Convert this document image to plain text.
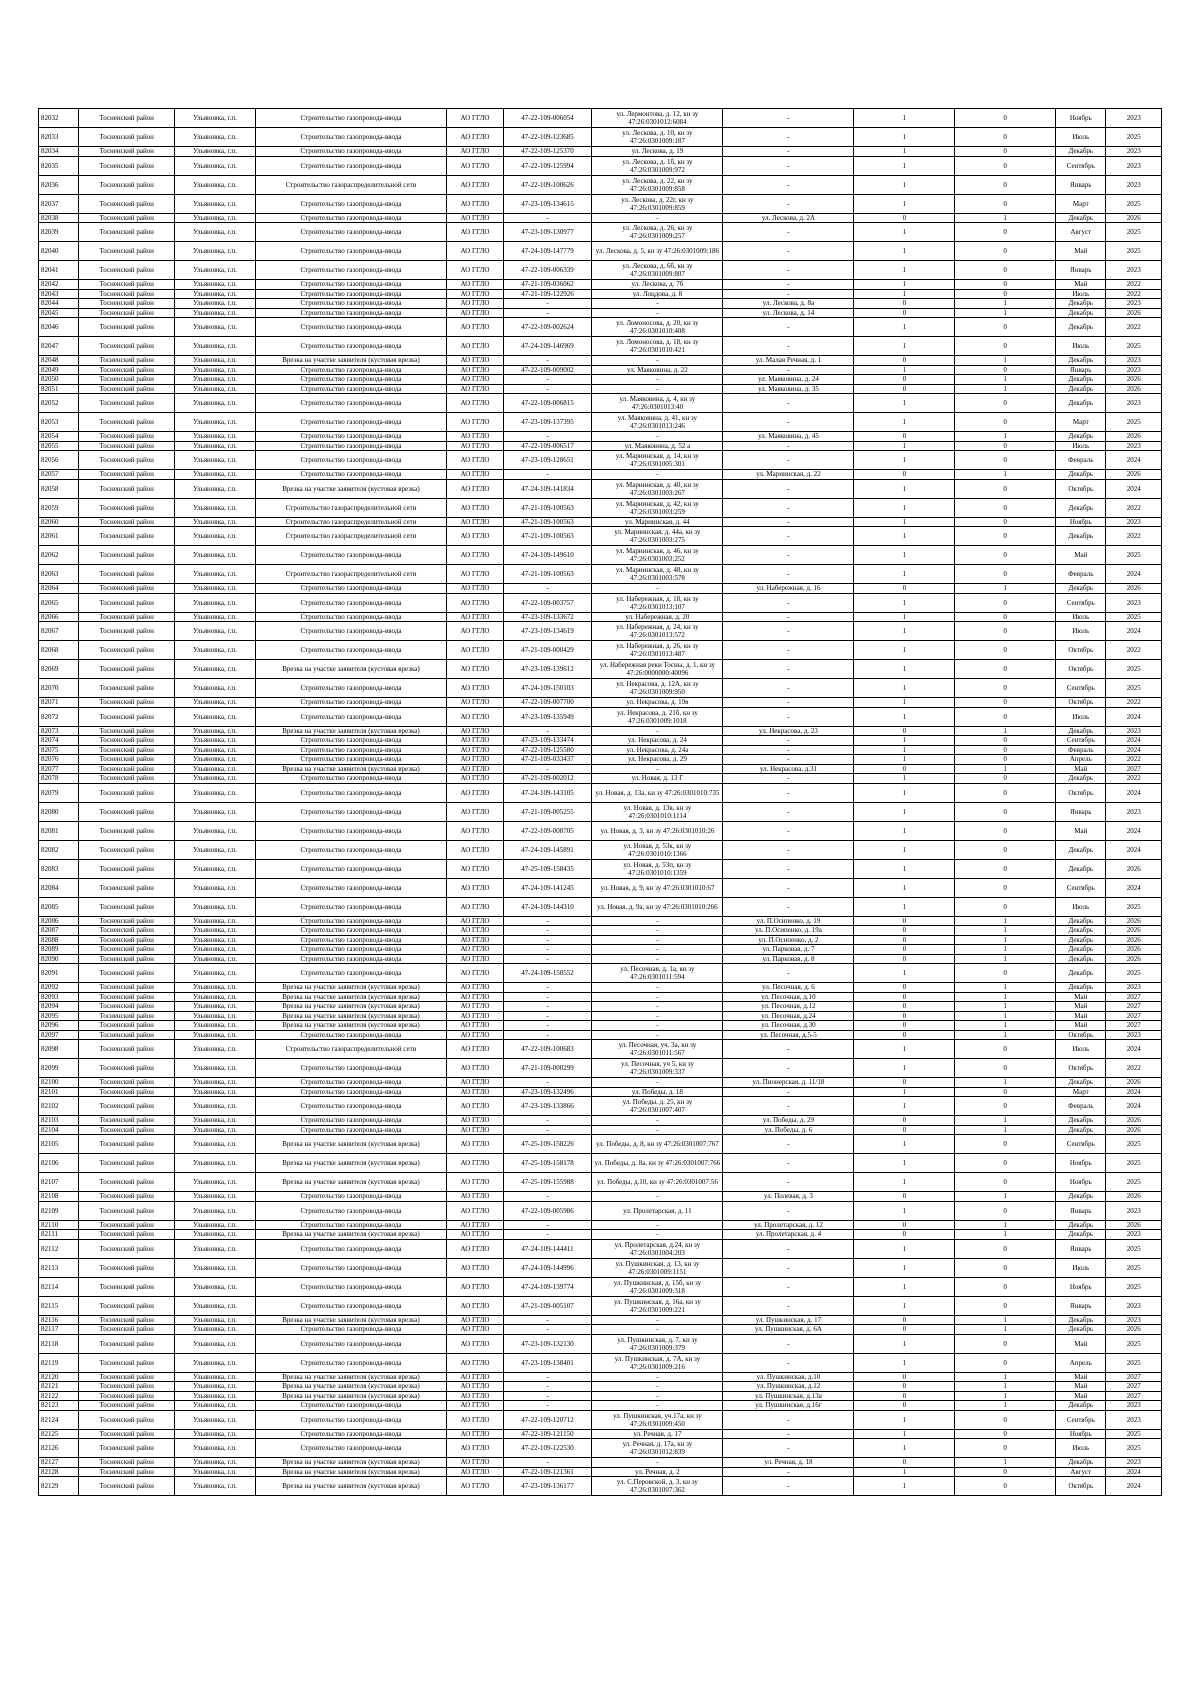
82032	Тосненский район	Ульяновка, г.п.	Строительство газопровода-ввода	АО ГГЛО	47-22-109-006054	ул. Лермонтова, д. 12, кн зу 47:26:0301012:6084	-	1	0	Ноябрь	2023
82033	Тосненский район	Ульяновка, г.п.	Строительство газопровода-ввода	АО ГГЛО	47-22-109-123685	ул. Лескова, д. 10, кн зу 47:26:0301009:187	-	1	0	Июль	2025
82034	Тосненский район	Ульяновка, г.п.	Строительство газопровода-ввода	АО ГГЛО	47-22-109-125370	ул. Лескова, д. 19	-	1	0	Декабрь	2023
82035	Тосненский район	Ульяновка, г.п.	Строительство газопровода-ввода	АО ГГЛО	47-22-109-125994	ул. Лескова, д. 1б, кн зу 47:26:0301009:972	-	1	0	Сентябрь	2023
82036	Тосненский район	Ульяновка, г.п.	Строительство газораспределительной сети	АО ГГЛО	47-22-109-100626	ул. Лескова, д. 22, кн зу 47:26:0301009:858	-	1	0	Январь	2023
82037	Тосненский район	Ульяновка, г.п.	Строительство газопровода-ввода	АО ГГЛО	47-23-109-134615	ул. Лескова, д. 22г, кн зу 47:26:0301009:859	-	1	0	Март	2025
82038	Тосненский район	Ульяновка, г.п.	Строительство газопровода-ввода	АО ГГЛО	-	-	ул. Лескова, д. 2А	0	1	Декабрь	2026
82039	Тосненский район	Ульяновка, г.п.	Строительство газопровода-ввода	АО ГГЛО	47-23-109-130977	ул. Лескова, д. 26, кн зу 47:26:0301009:257	-	1	0	Август	2025
82040	Тосненский район	Ульяновка, г.п.	Строительство газопровода-ввода	АО ГГЛО	47-24-109-147779	ул. Лескова, д. 5, кн зу 47:26:0301009:186	-	1	0	Май	2025
82041	Тосненский район	Ульяновка, г.п.	Строительство газопровода-ввода	АО ГГЛО	47-22-109-006339	ул. Лескова, д. 6б, кн зу 47:26:0301009:807	-	1	0	Январь	2023
82042	Тосненский район	Ульяновка, г.п.	Строительство газопровода-ввода	АО ГГЛО	47-21-109-036062	ул. Лескова, д. 7б	-	1	0	Май	2022
82043	Тосненский район	Ульяновка, г.п.	Строительство газопровода-ввода	АО ГГЛО	47-21-109-122926	ул. Лоцдова, д. 8	-	1	0	Июль	2022
82044	Тосненский район	Ульяновка, г.п.	Строительство газопровода-ввода	АО ГГЛО	-	-	ул. Лескова, д. 8а	0	1	Декабрь	2023
82045	Тосненский район	Ульяновка, г.п.	Строительство газопровода-ввода	АО ГГЛО	-	-	ул. Лескова, д. 14	0	1	Декабрь	2026
82046	Тосненский район	Ульяновка, г.п.	Строительство газопровода-ввода	АО ГГЛО	47-22-109-002624	ул. Ломоносова, д. 20, кн зу 47:26:0301010:408	-	1	0	Декабрь	2022
82047	Тосненский район	Ульяновка, г.п.	Строительство газопровода-ввода	АО ГГЛО	47-24-109-146969	ул. Ломоносова, д. 18, кн зу 47:26:0301010:421	-	1	0	Июль	2025
82048	Тосненский район	Ульяновка, г.п.	Врезка на участке заявителя (кустовая врезка)	АО ГГЛО	-	-	ул. Малая Речная, д. 1	0	1	Декабрь	2023
82049	Тосненский район	Ульяновка, г.п.	Строительство газопровода-ввода	АО ГГЛО	47-22-109-009002	ул. Маяковина, д. 22	-	1	0	Январь	2023
82050	Тосненский район	Ульяновка, г.п.	Строительство газопровода-ввода	АО ГГЛО	-	-	ул. Маяковина, д. 24	0	1	Декабрь	2026
82051	Тосненский район	Ульяновка, г.п.	Строительство газопровода-ввода	АО ГГЛО	-	-	ул. Маяковина, д. 35	0	1	Декабрь	2026
82052	Тосненский район	Ульяновка, г.п.	Строительство газопровода-ввода	АО ГГЛО	47-22-109-006815	ул. Маяковина, д. 4, кн зу 47:26:0301013:40	-	1	0	Декабрь	2023
82053	Тосненский район	Ульяновка, г.п.	Строительство газопровода-ввода	АО ГГЛО	47-23-109-137395	ул. Маяковина, д. 41, кн зу 47:26:0301013:246	-	1	0	Март	2025
82054	Тосненский район	Ульяновка, г.п.	Строительство газопровода-ввода	АО ГГЛО	-	-	ул. Маяковина, д. 45	0	1	Декабрь	2026
82055	Тосненский район	Ульяновка, г.п.	Строительство газопровода-ввода	АО ГГЛО	47-22-109-006517	ул. Маяковина, д. 52 а	-	1	0	Июль	2023
82056	Тосненский район	Ульяновка, г.п.	Строительство газопровода-ввода	АО ГГЛО	47-23-109-128651	ул. Мариинская, д. 14, кн зу 47:26:0301005:301	-	1	0	Февраль	2024
82057	Тосненский район	Ульяновка, г.п.	Строительство газопровода-ввода	АО ГГЛО	-	-	ул. Мариинская, д. 22	0	1	Декабрь	2026
82058	Тосненский район	Ульяновка, г.п.	Врезка на участке заявителя (кустовая врезка)	АО ГГЛО	47-24-109-141834	ул. Мариинская, д. 40, кн зу 47:26:0301003:267	-	1	0	Октябрь	2024
82059	Тосненский район	Ульяновка, г.п.	Строительство газораспределительной сети	АО ГГЛО	47-21-109-100563	ул. Мариинская, д. 42, кн зу 47:26:0301003:259	-	1	0	Декабрь	2022
82060	Тосненский район	Ульяновка, г.п.	Строительство газораспределительной сети	АО ГГЛО	47-21-109-100563	ул. Мариинская, д. 44	-	1	0	Ноябрь	2023
82061	Тосненский район	Ульяновка, г.п.	Строительство газораспределительной сети	АО ГГЛО	47-21-109-100563	ул. Мариинская, д. 44а, кн зу 47:26:0301003:275	-	1	0	Декабрь	2022
82062	Тосненский район	Ульяновка, г.п.	Строительство газопровода-ввода	АО ГГЛО	47-24-109-149610	ул. Мариинская, д. 46, кн зу 47:26:0301003:252	-	1	0	Май	2025
82063	Тосненский район	Ульяновка, г.п.	Строительство газораспределительной сети	АО ГГЛО	47-21-109-100563	ул. Мариинская, д. 48, кн зу 47:26:0301003:578	-	1	0	Февраль	2024
82064	Тосненский район	Ульяновка, г.п.	Строительство газопровода-ввода	АО ГГЛО	-	-	ул. Набережная, д. 16	0	1	Декабрь	2026
82065	Тосненский район	Ульяновка, г.п.	Строительство газопровода-ввода	АО ГГЛО	47-22-109-003757	ул. Набережная, д. 18, кн зу 47:26:0301013:107	-	1	0	Сентябрь	2023
82066	Тосненский район	Ульяновка, г.п.	Строительство газопровода-ввода	АО ГГЛО	47-23-109-133672	ул. Набережная, д. 20	-	1	0	Июль	2025
82067	Тосненский район	Ульяновка, г.п.	Строительство газопровода-ввода	АО ГГЛО	47-23-109-134619	ул. Набережная, д. 24, кн зу 47:26:0301013:572	-	1	0	Июль	2024
82068	Тосненский район	Ульяновка, г.п.	Строительство газопровода-ввода	АО ГГЛО	47-21-109-000429	ул. Набережная, д. 26, кн зу 47:26:0301013:487	-	1	0	Октябрь	2022
82069	Тосненский район	Ульяновка, г.п.	Врезка на участке заявителя (кустовая врезка)	АО ГГЛО	47-23-109-139612	ул. Набережная реки Тосны, д. 1, кн зу 47:26:0000000:40096	-	1	0	Октябрь	2025
82070	Тосненский район	Ульяновка, г.п.	Строительство газопровода-ввода	АО ГГЛО	47-24-109-150103	ул. Некрасова, д. 12А, кн зу 47:26:0301009:950	-	1	0	Сентябрь	2025
82071	Тосненский район	Ульяновка, г.п.	Строительство газопровода-ввода	АО ГГЛО	47-22-109-007700	ул. Некрасова, д. 19в	-	1	0	Октябрь	2022
82072	Тосненский район	Ульяновка, г.п.	Строительство газопровода-ввода	АО ГГЛО	47-23-109-135949	ул. Некрасова, д. 21б, кн зу 47:26:0301009:1018	-	1	0	Июль	2024
82073	Тосненский район	Ульяновка, г.п.	Врезка на участке заявителя (кустовая врезка)	АО ГГЛО	-	-	ул. Некрасова, д. 23	0	1	Декабрь	2023
82074	Тосненский район	Ульяновка, г.п.	Строительство газопровода-ввода	АО ГГЛО	47-23-109-133474	ул. Некрасова, д. 24	-	1	0	Сентябрь	2024
82075	Тосненский район	Ульяновка, г.п.	Строительство газопровода-ввода	АО ГГЛО	47-22-109-125580	ул. Некрасова, д. 24а	-	1	0	Февраль	2024
82076	Тосненский район	Ульяновка, г.п.	Строительство газопровода-ввода	АО ГГЛО	47-21-109-033437	ул. Некрасова, д. 29	-	1	0	Апрель	2022
82077	Тосненский район	Ульяновка, г.п.	Врезка на участке заявителя (кустовая врезка)	АО ГГЛО	-	-	ул. Некрасова, д.31	0	1	Май	2027
82078	Тосненский район	Ульяновка, г.п.	Строительство газопровода-ввода	АО ГГЛО	47-21-109-002012	ул. Новая, д. 13 Г	-	1	0	Декабрь	2022
82079	Тосненский район	Ульяновка, г.п.	Строительство газопровода-ввода	АО ГГЛО	47-24-109-143105	ул. Новая, д. 13а, кн зу 47:26:0301010:735	-	1	0	Октябрь	2024
82080	Тосненский район	Ульяновка, г.п.	Строительство газопровода-ввода	АО ГГЛО	47-21-109-005255	ул. Новая, д. 13в, кн зу 47:26:0301010:1114	-	1	0	Январь	2023
82081	Тосненский район	Ульяновка, г.п.	Строительство газопровода-ввода	АО ГГЛО	47-22-109-008705	ул. Новая, д. 3, кн зу 47:26:0301010:26	-	1	0	Май	2024
82082	Тосненский район	Ульяновка, г.п.	Строительство газопровода-ввода	АО ГГЛО	47-24-109-145891	ул. Новая, д. 53к, кн зу 47:26:0301010:1366	-	1	0	Декабрь	2024
82083	Тосненский район	Ульяновка, г.п.	Строительство газопровода-ввода	АО ГГЛО	47-25-109-158435	ул. Новая, д. 53п, кн зу 47:26:0301010:1359	-	1	0	Декабрь	2026
82084	Тосненский район	Ульяновка, г.п.	Строительство газопровода-ввода	АО ГГЛО	47-24-109-141245	ул. Новая, д. 9, кн зу 47:26:0301010:67	-	1	0	Сентябрь	2024
82085	Тосненский район	Ульяновка, г.п.	Строительство газопровода-ввода	АО ГГЛО	47-24-109-144310	ул. Новая, д. 9а, кн зу 47:26:0301010:266	-	1	0	Июль	2025
82086	Тосненский район	Ульяновка, г.п.	Строительство газопровода-ввода	АО ГГЛО	-	-	ул. П.Осипенко, д. 19	0	1	Декабрь	2026
82087	Тосненский район	Ульяновка, г.п.	Строительство газопровода-ввода	АО ГГЛО	-	-	ул. П.Осипенко, д. 19а	0	1	Декабрь	2026
82088	Тосненский район	Ульяновка, г.п.	Строительство газопровода-ввода	АО ГГЛО	-	-	ул. П.Осипенко, д. 2	0	1	Декабрь	2026
82089	Тосненский район	Ульяновка, г.п.	Строительство газопровода-ввода	АО ГГЛО	-	-	ул. Парковая, д. 7	0	1	Декабрь	2026
82090	Тосненский район	Ульяновка, г.п.	Строительство газопровода-ввода	АО ГГЛО	-	-	ул. Парковая, д. 8	0	1	Декабрь	2026
82091	Тосненский район	Ульяновка, г.п.	Строительство газопровода-ввода	АО ГГЛО	47-24-109-150552	ул. Песочная, д. 1а, кн зу 47:26:0301011:594	-	1	0	Декабрь	2025
82092	Тосненский район	Ульяновка, г.п.	Врезка на участке заявителя (кустовая врезка)	АО ГГЛО	-	-	ул. Песочная, д. 6	0	1	Декабрь	2023
82093	Тосненский район	Ульяновка, г.п.	Врезка на участке заявителя (кустовая врезка)	АО ГГЛО	-	-	ул. Песочная, д.10	0	1	Май	2027
82094	Тосненский район	Ульяновка, г.п.	Врезка на участке заявителя (кустовая врезка)	АО ГГЛО	-	-	ул. Песочная, д.12	0	1	Май	2027
82095	Тосненский район	Ульяновка, г.п.	Врезка на участке заявителя (кустовая врезка)	АО ГГЛО	-	-	ул. Песочная, д.24	0	1	Май	2027
82096	Тосненский район	Ульяновка, г.п.	Врезка на участке заявителя (кустовая врезка)	АО ГГЛО	-	-	ул. Песочная, д.30	0	1	Май	2027
82097	Тосненский район	Ульяновка, г.п.	Строительство газопровода-ввода	АО ГГЛО	-	-	ул. Песочная, д.5-5	0	1	Октябрь	2023
82098	Тосненский район	Ульяновка, г.п.	Строительство газораспределительной сети	АО ГГЛО	47-22-109-100683	ул. Песочная, уч. 3а, кн зу 47:26:0301011:567	-	1	0	Июль	2024
82099	Тосненский район	Ульяновка, г.п.	Строительство газопровода-ввода	АО ГГЛО	47-21-109-000299	ул. Песочная, уч 5, кн зу 47:26:0301009:337	-	1	0	Октябрь	2022
82100	Тосненский район	Ульяновка, г.п.	Строительство газопровода-ввода	АО ГГЛО	-	-	ул. Пионерская, д. 11/18	0	1	Декабрь	2026
82101	Тосненский район	Ульяновка, г.п.	Строительство газопровода-ввода	АО ГГЛО	47-23-109-132496	ул. Победы, д. 18	-	1	0	Март	2024
82102	Тосненский район	Ульяновка, г.п.	Строительство газопровода-ввода	АО ГГЛО	47-23-109-133866	ул. Победы, д. 25, кн зу 47:26:0301007:407	-	1	0	Февраль	2024
82103	Тосненский район	Ульяновка, г.п.	Строительство газопровода-ввода	АО ГГЛО	-	-	ул. Победы, д. 29	0	1	Декабрь	2026
82104	Тосненский район	Ульяновка, г.п.	Строительство газопровода-ввода	АО ГГЛО	-	-	ул. Победы, д. 6	0	1	Декабрь	2026
82105	Тосненский район	Ульяновка, г.п.	Врезка на участке заявителя (кустовая врезка)	АО ГГЛО	47-25-109-158226	ул. Победы, д. 8, кн зу 47:26:0301007:767	-	1	0	Сентябрь	2025
82106	Тосненский район	Ульяновка, г.п.	Врезка на участке заявителя (кустовая врезка)	АО ГГЛО	47-25-109-158178	ул. Победы, д. 8а, кн зу 47:26:0301007:766	-	1	0	Ноябрь	2025
82107	Тосненский район	Ульяновка, г.п.	Врезка на участке заявителя (кустовая врезка)	АО ГГЛО	47-25-109-155988	ул. Победы, д.10, кн зу 47:26:0301007:56	-	1	0	Ноябрь	2025
82108	Тосненский район	Ульяновка, г.п.	Строительство газопровода-ввода	АО ГГЛО	-	-	ул. Полевая, д. 3	0	1	Декабрь	2026
82109	Тосненский район	Ульяновка, г.п.	Строительство газопровода-ввода	АО ГГЛО	47-22-109-005986	ул. Пролетарская, д. 11	-	1	0	Январь	2023
82110	Тосненский район	Ульяновка, г.п.	Строительство газопровода-ввода	АО ГГЛО	-	-	ул. Пролетарская, д. 12	0	1	Декабрь	2026
82111	Тосненский район	Ульяновка, г.п.	Врезка на участке заявителя (кустовая врезка)	АО ГГЛО	-	-	ул. Пролетарская, д. 4	0	1	Декабрь	2023
82112	Тосненский район	Ульяновка, г.п.	Строительство газопровода-ввода	АО ГГЛО	47-24-109-144411	ул. Пролетарская, д.24, кн зу 47:26:0301004:203	-	1	0	Январь	2025
82113	Тосненский район	Ульяновка, г.п.	Строительство газопровода-ввода	АО ГГЛО	47-24-109-144996	ул. Пушкинская, д. 13, кн зу 47:26:0301009:1151	-	1	0	Июль	2025
82114	Тосненский район	Ульяновка, г.п.	Строительство газопровода-ввода	АО ГГЛО	47-24-109-139774	ул. Пушкинская, д. 15б, кн зу 47:26:0301009:318	-	1	0	Ноябрь	2025
82115	Тосненский район	Ульяновка, г.п.	Строительство газопровода-ввода	АО ГГЛО	47-21-109-005107	ул. Пушкинская, д. 16а, кн зу 47:26:0301009:221	-	1	0	Январь	2023
82116	Тосненский район	Ульяновка, г.п.	Врезка на участке заявителя (кустовая врезка)	АО ГГЛО	-	-	ул. Пушкинская, д. 17	0	1	Декабрь	2023
82117	Тосненский район	Ульяновка, г.п.	Строительство газопровода-ввода	АО ГГЛО	-	-	ул. Пушкинская, д. 6А	0	1	Декабрь	2026
82118	Тосненский район	Ульяновка, г.п.	Строительство газопровода-ввода	АО ГГЛО	47-23-109-132130	ул. Пушкинская, д. 7, кн зу 47:26:0301009:379	-	1	0	Май	2025
82119	Тосненский район	Ульяновка, г.п.	Строительство газопровода-ввода	АО ГГЛО	47-23-109-138401	ул. Пушкинская, д. 7А, кн зу 47:26:0301009:216	-	1	0	Апрель	2025
82120	Тосненский район	Ульяновка, г.п.	Врезка на участке заявителя (кустовая врезка)	АО ГГЛО	-	-	ул. Пушкинская, д.10	0	1	Май	2027
82121	Тосненский район	Ульяновка, г.п.	Врезка на участке заявителя (кустовая врезка)	АО ГГЛО	-	-	ул. Пушкинская, д.12	0	1	Май	2027
82122	Тосненский район	Ульяновка, г.п.	Врезка на участке заявителя (кустовая врезка)	АО ГГЛО	-	-	ул. Пушкинская, д.13а	0	1	Май	2027
82123	Тосненский район	Ульяновка, г.п.	Строительство газопровода-ввода	АО ГГЛО	-	-	ул. Пушкинская, д.16г	0	1	Декабрь	2023
82124	Тосненский район	Ульяновка, г.п.	Строительство газопровода-ввода	АО ГГЛО	47-22-109-120712	ул. Пушкинская, уч.17а, кн зу 47:26:0301009:450	-	1	0	Сентябрь	2023
82125	Тосненский район	Ульяновка, г.п.	Строительство газопровода-ввода	АО ГГЛО	47-22-109-121150	ул. Речная, д. 17	-	1	0	Ноябрь	2025
82126	Тосненский район	Ульяновка, г.п.	Строительство газопровода-ввода	АО ГГЛО	47-22-109-122530	ул. Речная, д. 17а, кн зу 47:26:0301012:839	-	1	0	Июль	2025
82127	Тосненский район	Ульяновка, г.п.	Врезка на участке заявителя (кустовая врезка)	АО ГГЛО	-	-	ул. Речная, д. 18	0	1	Декабрь	2023
82128	Тосненский район	Ульяновка, г.п.	Врезка на участке заявителя (кустовая врезка)	АО ГГЛО	47-22-109-121361	ул. Речная, д. 2	-	1	0	Август	2024
82129	Тосненский район	Ульяновка, г.п.	Врезка на участке заявителя (кустовая врезка)	АО ГГЛО	47-23-109-136177	ул. С.Перовской, д. 3, кн зу 47:26:0301007:362	-	1	0	Октябрь	2024
